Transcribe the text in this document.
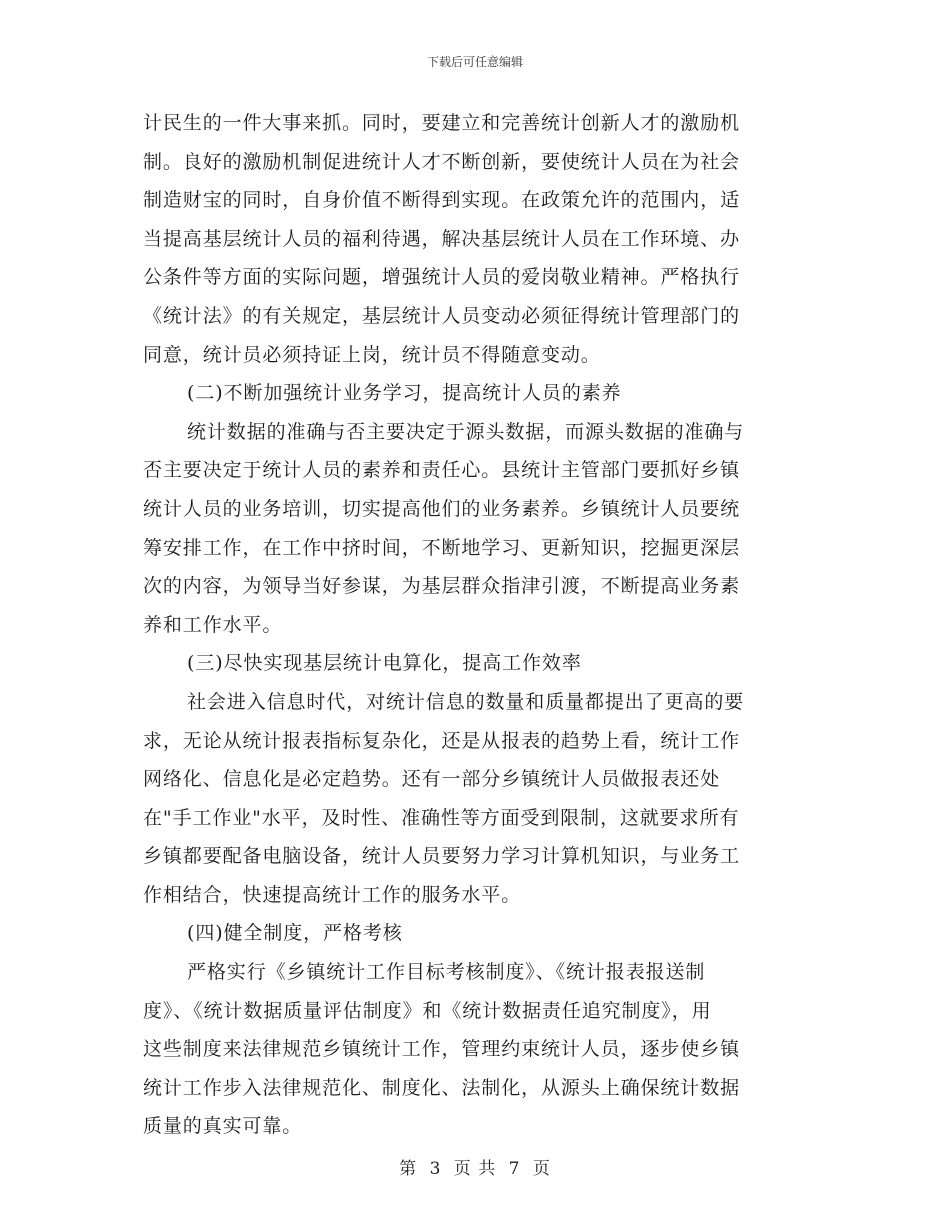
下载后可任意编辑
计民生的一件大事来抓。同时，要建立和完善统计创新人才的激励机
制。良好的激励机制促进统计人才不断创新，要使统计人员在为社会
制造财宝的同时，自身价值不断得到实现。在政策允许的范围内，适
当提高基层统计人员的福利待遇，解决基层统计人员在工作环境、办
公条件等方面的实际问题，增强统计人员的爱岗敬业精神。严格执行
《统计法》的有关规定，基层统计人员变动必须征得统计管理部门的
同意，统计员必须持证上岗，统计员不得随意变动。
(二)不断加强统计业务学习，提高统计人员的素养
统计数据的准确与否主要决定于源头数据，而源头数据的准确与
否主要决定于统计人员的素养和责任心。县统计主管部门要抓好乡镇
统计人员的业务培训，切实提高他们的业务素养。乡镇统计人员要统
筹安排工作，在工作中挤时间，不断地学习、更新知识，挖掘更深层
次的内容，为领导当好参谋，为基层群众指津引渡，不断提高业务素
养和工作水平。
(三)尽快实现基层统计电算化，提高工作效率
社会进入信息时代，对统计信息的数量和质量都提出了更高的要
求，无论从统计报表指标复杂化，还是从报表的趋势上看，统计工作
网络化、信息化是必定趋势。还有一部分乡镇统计人员做报表还处
在"手工作业"水平，及时性、准确性等方面受到限制，这就要求所有
乡镇都要配备电脑设备，统计人员要努力学习计算机知识，与业务工
作相结合，快速提高统计工作的服务水平。
(四)健全制度，严格考核
严格实行《乡镇统计工作目标考核制度》、《统计报表报送制
度》、《统计数据质量评估制度》和《统计数据责任追究制度》，用
这些制度来法律规范乡镇统计工作，管理约束统计人员，逐步使乡镇
统计工作步入法律规范化、制度化、法制化，从源头上确保统计数据
质量的真实可靠。
第 3 页 共 7 页
